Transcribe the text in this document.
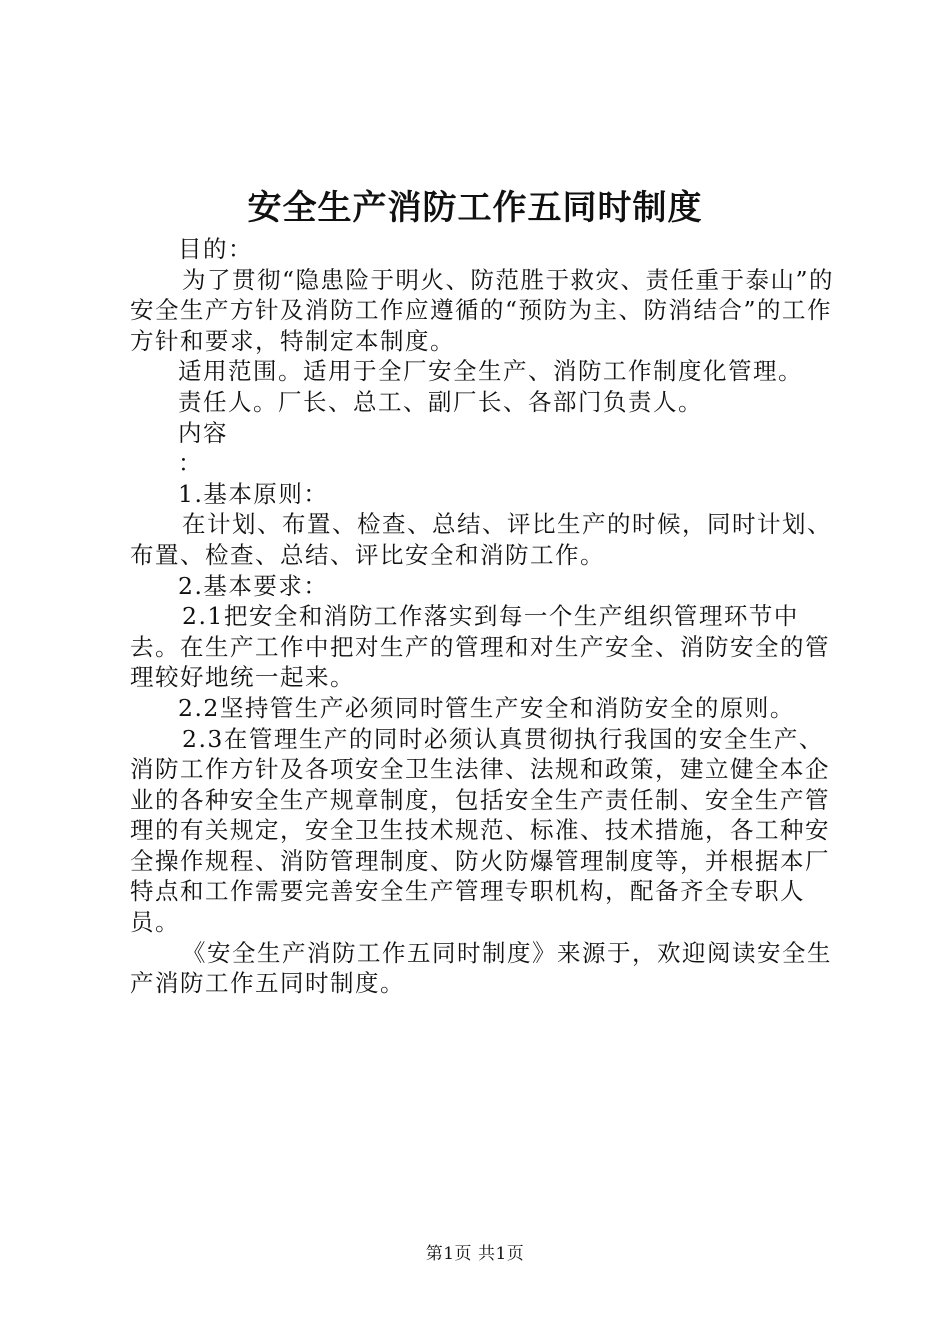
安全生产消防工作五同时制度

目的：

为了贯彻“隐患险于明火、防范胜于救灾、责任重于泰山”的安全生产方针及消防工作应遵循的“预防为主、防消结合”的工作方针和要求，特制定本制度。

适用范围。适用于全厂安全生产、消防工作制度化管理。

责任人。厂长、总工、副厂长、各部门负责人。

内容

：

1.基本原则：

在计划、布置、检查、总结、评比生产的时候，同时计划、布置、检查、总结、评比安全和消防工作。

2.基本要求：

2.1把安全和消防工作落实到每一个生产组织管理环节中去。在生产工作中把对生产的管理和对生产安全、消防安全的管理较好地统一起来。

2.2坚持管生产必须同时管生产安全和消防安全的原则。

2.3在管理生产的同时必须认真贯彻执行我国的安全生产、消防工作方针及各项安全卫生法律、法规和政策，建立健全本企业的各种安全生产规章制度，包括安全生产责任制、安全生产管理的有关规定，安全卫生技术规范、标准、技术措施，各工种安全操作规程、消防管理制度、防火防爆管理制度等，并根据本厂特点和工作需要完善安全生产管理专职机构，配备齐全专职人员。

《安全生产消防工作五同时制度》来源于，欢迎阅读安全生产消防工作五同时制度。

第1页 共1页
